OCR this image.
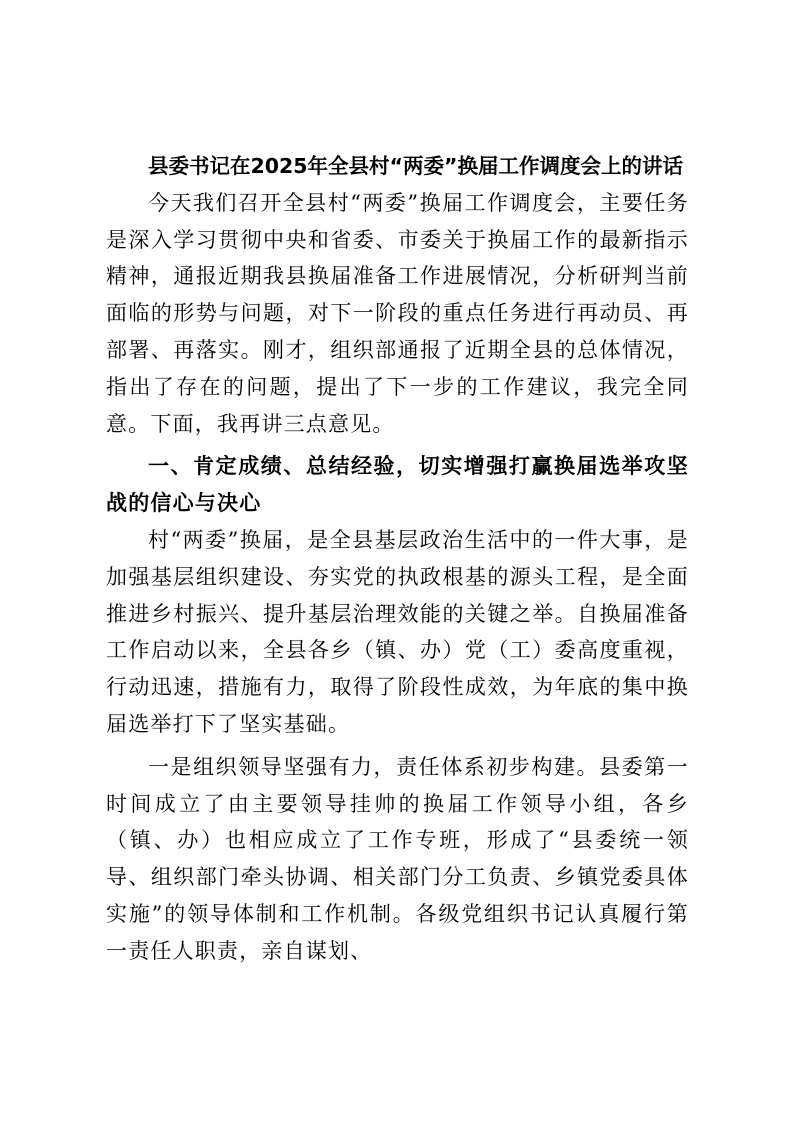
县委书记在2025年全县村“两委”换届工作调度会上的讲话

今天我们召开全县村“两委”换届工作调度会，主要任务是深入学习贯彻中央和省委、市委关于换届工作的最新指示精神，通报近期我县换届准备工作进展情况，分析研判当前面临的形势与问题，对下一阶段的重点任务进行再动员、再部署、再落实。刚才，组织部通报了近期全县的总体情况，指出了存在的问题，提出了下一步的工作建议，我完全同意。下面，我再讲三点意见。

一、肯定成绩、总结经验，切实增强打赢换届选举攻坚战的信心与决心

村“两委”换届，是全县基层政治生活中的一件大事，是加强基层组织建设、夯实党的执政根基的源头工程，是全面推进乡村振兴、提升基层治理效能的关键之举。自换届准备工作启动以来，全县各乡（镇、办）党（工）委高度重视，行动迅速，措施有力，取得了阶段性成效，为年底的集中换届选举打下了坚实基础。

一是组织领导坚强有力，责任体系初步构建。县委第一时间成立了由主要领导挂帅的换届工作领导小组，各乡（镇、办）也相应成立了工作专班，形成了“县委统一领导、组织部门牵头协调、相关部门分工负责、乡镇党委具体实施”的领导体制和工作机制。各级党组织书记认真履行第一责任人职责，亲自谋划、
